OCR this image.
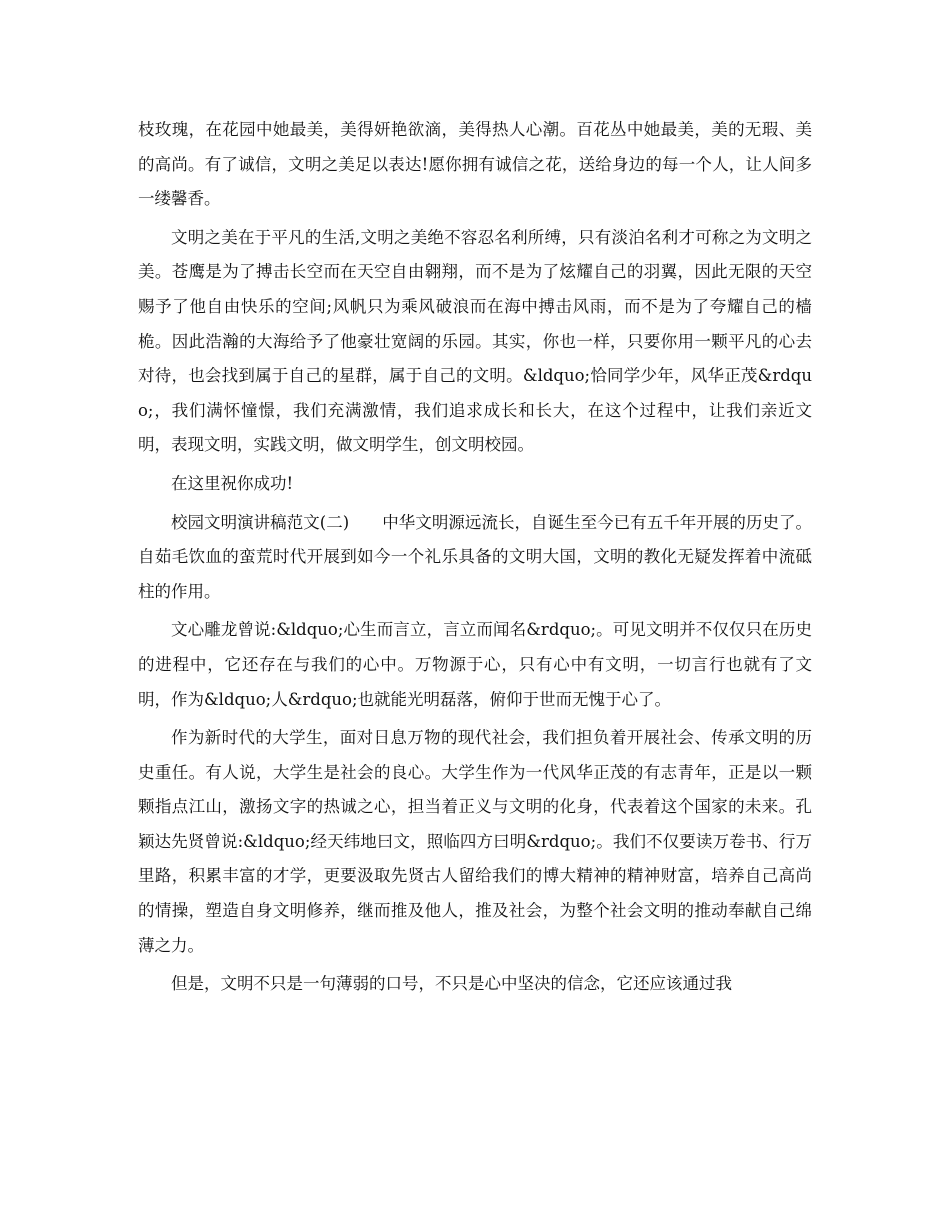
枝玫瑰，在花园中她最美，美得妍艳欲滴，美得热人心潮。百花丛中她最美，美的无瑕、美的高尚。有了诚信，文明之美足以表达!愿你拥有诚信之花，送给身边的每一个人，让人间多一缕馨香。

文明之美在于平凡的生活,文明之美绝不容忍名利所缚，只有淡泊名利才可称之为文明之美。苍鹰是为了搏击长空而在天空自由翱翔，而不是为了炫耀自己的羽翼，因此无限的天空赐予了他自由快乐的空间;风帆只为乘风破浪而在海中搏击风雨，而不是为了夸耀自己的樯桅。因此浩瀚的大海给予了他豪壮宽阔的乐园。其实，你也一样，只要你用一颗平凡的心去对待，也会找到属于自己的星群，属于自己的文明。&ldquo;恰同学少年，风华正茂&rdquo;，我们满怀憧憬，我们充满激情，我们追求成长和长大，在这个过程中，让我们亲近文明，表现文明，实践文明，做文明学生，创文明校园。

在这里祝你成功!

校园文明演讲稿范文(二)　　中华文明源远流长，自诞生至今已有五千年开展的历史了。自茹毛饮血的蛮荒时代开展到如今一个礼乐具备的文明大国，文明的教化无疑发挥着中流砥柱的作用。

文心雕龙曾说:&ldquo;心生而言立，言立而闻名&rdquo;。可见文明并不仅仅只在历史的进程中，它还存在与我们的心中。万物源于心，只有心中有文明，一切言行也就有了文明，作为&ldquo;人&rdquo;也就能光明磊落，俯仰于世而无愧于心了。

作为新时代的大学生，面对日息万物的现代社会，我们担负着开展社会、传承文明的历史重任。有人说，大学生是社会的良心。大学生作为一代风华正茂的有志青年，正是以一颗颗指点江山，激扬文字的热诚之心，担当着正义与文明的化身，代表着这个国家的未来。孔颖达先贤曾说:&ldquo;经天纬地曰文，照临四方曰明&rdquo;。我们不仅要读万卷书、行万里路，积累丰富的才学，更要汲取先贤古人留给我们的博大精神的精神财富，培养自己高尚的情操，塑造自身文明修养，继而推及他人，推及社会，为整个社会文明的推动奉献自己绵薄之力。

但是，文明不只是一句薄弱的口号，不只是心中坚决的信念，它还应该通过我
